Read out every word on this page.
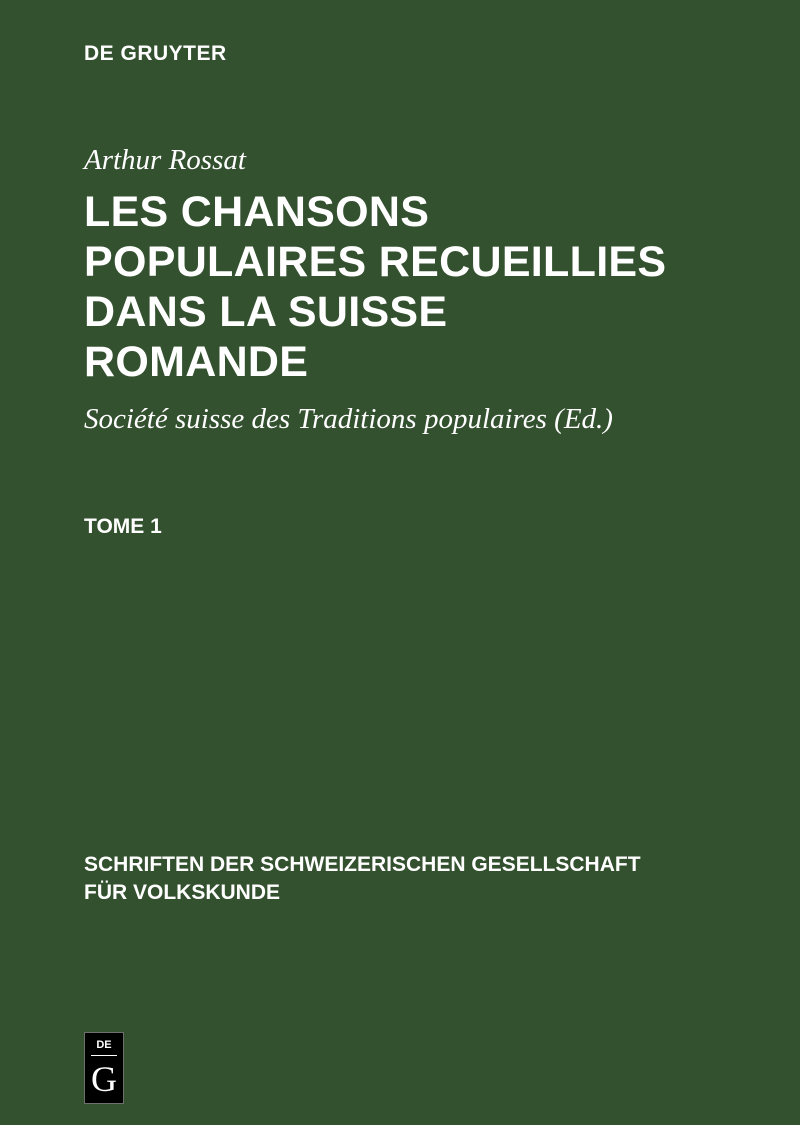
DE GRUYTER

Arthur Rossat

LES CHANSONS
POPULAIRES RECUEILLIES
DANS LA SUISSE
ROMANDE

Société suisse des Traditions populaires (Ed.)

TOME 1

SCHRIFTEN DER SCHWEIZERISCHEN GESELLSCHAFT
FÜR VOLKSKUNDE

DE
G
